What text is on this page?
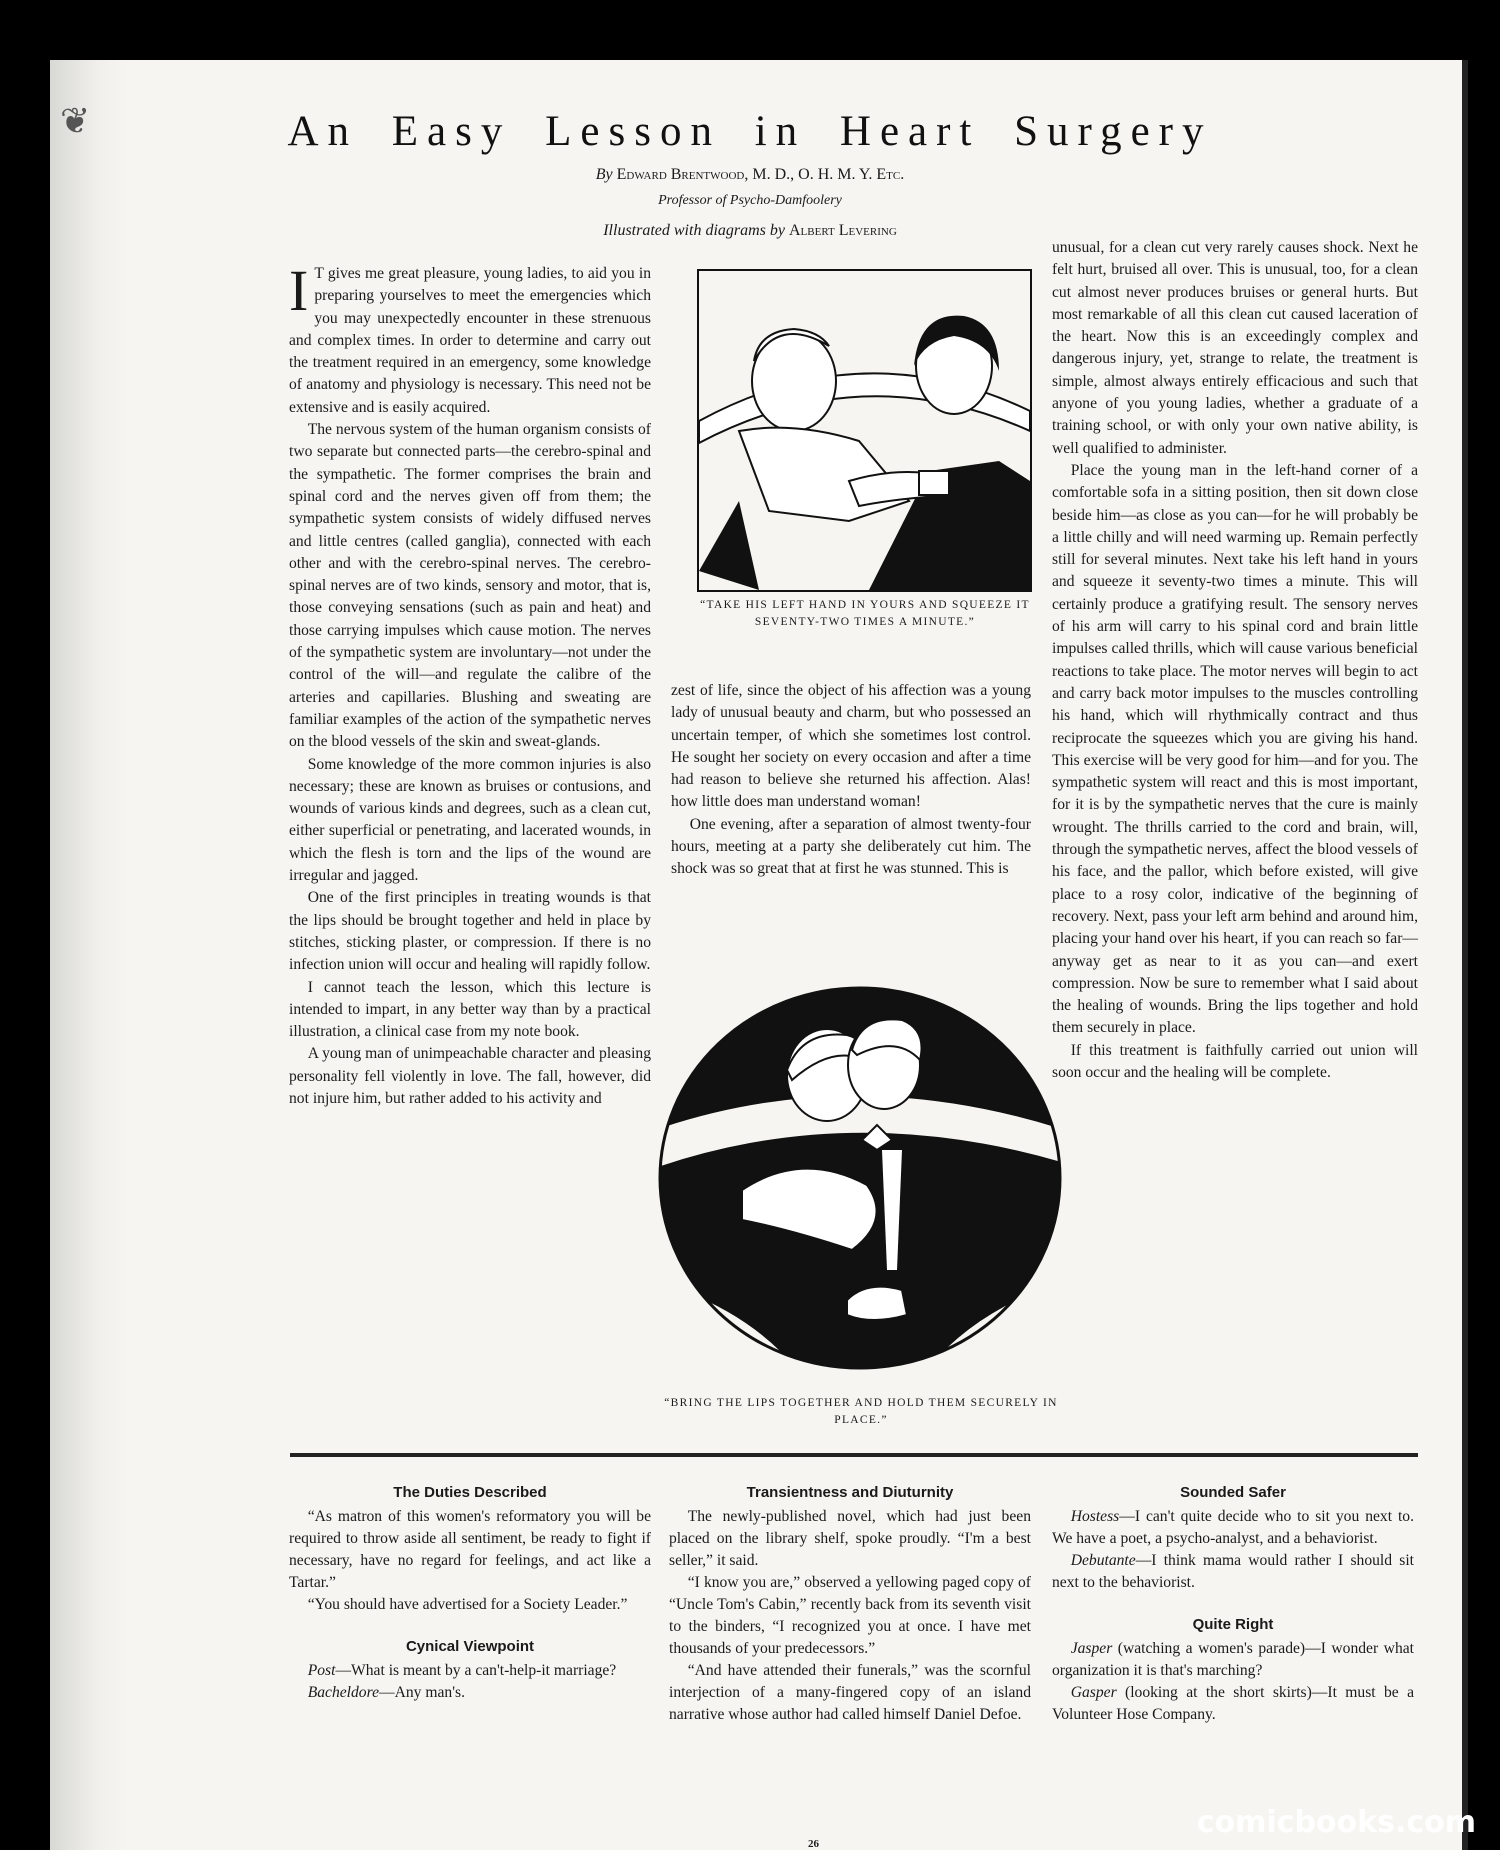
❦	An Easy Lesson in Heart Surgery
By Edward Brentwood, M. D., O. H. M. Y. Etc.
Professor of Psycho-Damfoolery
Illustrated with diagrams by Albert Levering

I T gives me great pleasure, young ladies, to aid you in preparing yourselves to meet the emergencies which you may unexpectedly encounter in these strenuous and complex times. In order to determine and carry out the treatment required in an emergency, some knowledge of anatomy and physiology is necessary. This need not be extensive and is easily acquired.

The nervous system of the human organism consists of two separate but connected parts—the cerebro-spinal and the sympathetic. The former comprises the brain and spinal cord and the nerves given off from them; the sympathetic system consists of widely diffused nerves and little centres (called ganglia), connected with each other and with the cerebro-spinal nerves. The cerebro-spinal nerves are of two kinds, sensory and motor, that is, those conveying sensations (such as pain and heat) and those carrying impulses which cause motion. The nerves of the sympathetic system are involuntary—not under the control of the will—and regulate the calibre of the arteries and capillaries. Blushing and sweating are familiar examples of the action of the sympathetic nerves on the blood vessels of the skin and sweat-glands.

Some knowledge of the more common injuries is also necessary; these are known as bruises or contusions, and wounds of various kinds and degrees, such as a clean cut, either superficial or penetrating, and lacerated wounds, in which the flesh is torn and the lips of the wound are irregular and jagged.

One of the first principles in treating wounds is that the lips should be brought together and held in place by stitches, sticking plaster, or compression. If there is no infection union will occur and healing will rapidly follow.

I cannot teach the lesson, which this lecture is intended to impart, in any better way than by a practical illustration, a clinical case from my note book.

A young man of unimpeachable character and pleasing personality fell violently in love. The fall, however, did not injure him, but rather added to his activity and

“TAKE HIS LEFT HAND IN YOURS AND SQUEEZE IT SEVENTY-TWO TIMES A MINUTE.”

zest of life, since the object of his affection was a young lady of unusual beauty and charm, but who possessed an uncertain temper, of which she sometimes lost control. He sought her society on every occasion and after a time had reason to believe she returned his affection. Alas! how little does man understand woman!

One evening, after a separation of almost twenty-four hours, meeting at a party she deliberately cut him. The shock was so great that at first he was stunned. This is

“BRING THE LIPS TOGETHER AND HOLD THEM SECURELY IN PLACE.”

unusual, for a clean cut very rarely causes shock. Next he felt hurt, bruised all over. This is unusual, too, for a clean cut almost never produces bruises or general hurts. But most remarkable of all this clean cut caused laceration of the heart. Now this is an exceedingly complex and dangerous injury, yet, strange to relate, the treatment is simple, almost always entirely efficacious and such that anyone of you young ladies, whether a graduate of a training school, or with only your own native ability, is well qualified to administer.

Place the young man in the left-hand corner of a comfortable sofa in a sitting position, then sit down close beside him—as close as you can—for he will probably be a little chilly and will need warming up. Remain perfectly still for several minutes. Next take his left hand in yours and squeeze it seventy-two times a minute. This will certainly produce a gratifying result. The sensory nerves of his arm will carry to his spinal cord and brain little impulses called thrills, which will cause various beneficial reactions to take place. The motor nerves will begin to act and carry back motor impulses to the muscles controlling his hand, which will rhythmically contract and thus reciprocate the squeezes which you are giving his hand. This exercise will be very good for him—and for you. The sympathetic system will react and this is most important, for it is by the sympathetic nerves that the cure is mainly wrought. The thrills carried to the cord and brain, will, through the sympathetic nerves, affect the blood vessels of his face, and the pallor, which before existed, will give place to a rosy color, indicative of the beginning of recovery. Next, pass your left arm behind and around him, placing your hand over his heart, if you can reach so far—anyway get as near to it as you can—and exert compression. Now be sure to remember what I said about the healing of wounds. Bring the lips together and hold them securely in place.

If this treatment is faithfully carried out union will soon occur and the healing will be complete.

The Duties Described

“As matron of this women's reformatory you will be required to throw aside all sentiment, be ready to fight if necessary, have no regard for feelings, and act like a Tartar.”

“You should have advertised for a Society Leader.”

Cynical Viewpoint

Post—What is meant by a can't-help-it marriage?

Bacheldore—Any man's.

Transientness and Diuturnity

The newly-published novel, which had just been placed on the library shelf, spoke proudly. “I'm a best seller,” it said.

“I know you are,” observed a yellowing paged copy of “Uncle Tom's Cabin,” recently back from its seventh visit to the binders, “I recognized you at once. I have met thousands of your predecessors.”

“And have attended their funerals,” was the scornful interjection of a many-fingered copy of an island narrative whose author had called himself Daniel Defoe.

Sounded Safer

Hostess—I can't quite decide who to sit you next to. We have a poet, a psycho-analyst, and a behaviorist.

Debutante—I think mama would rather I should sit next to the behaviorist.

Quite Right

Jasper (watching a women's parade)—I wonder what organization it is that's marching?

Gasper (looking at the short skirts)—It must be a Volunteer Hose Company.

26
comicbooks.com
